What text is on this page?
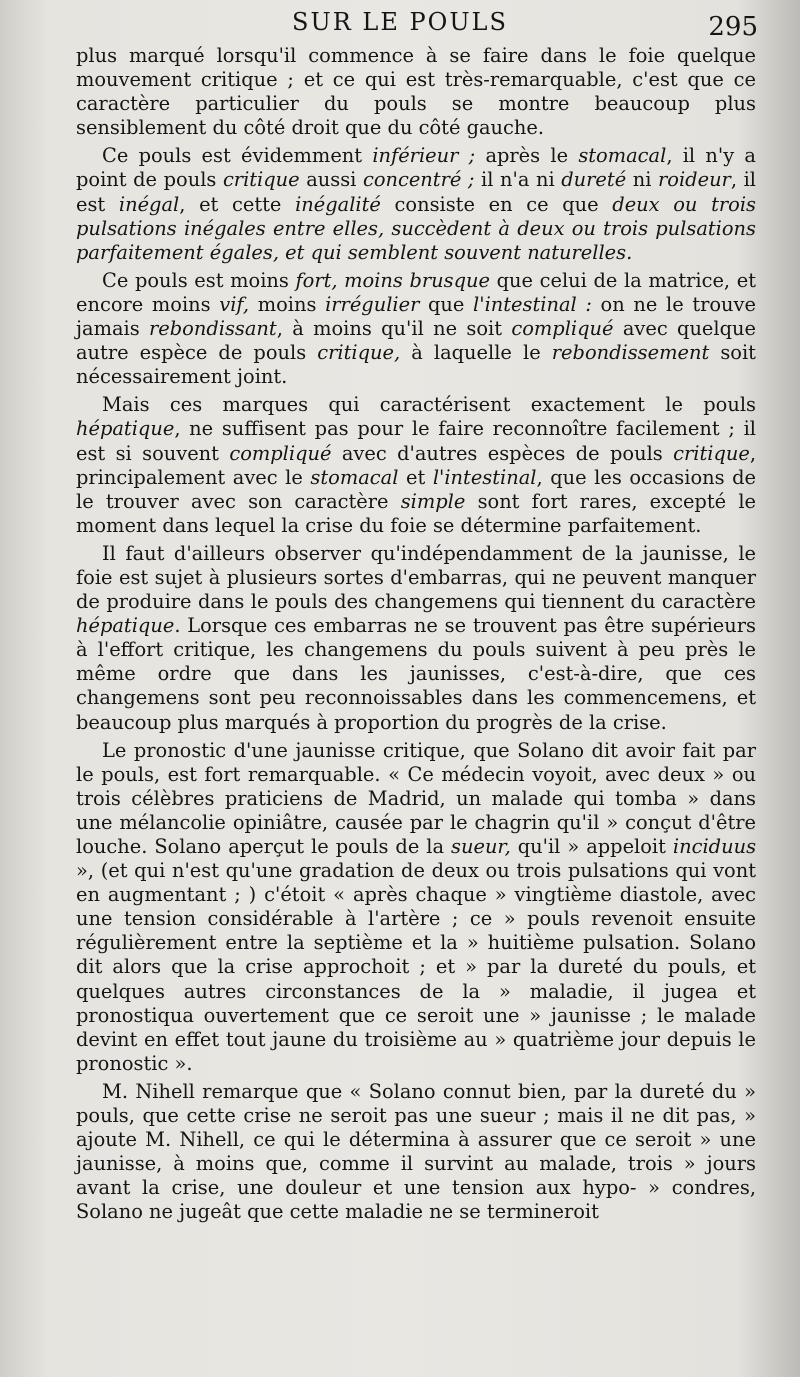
SUR LE POULS	295

plus marqué lorsqu'il commence à se faire dans le foie quelque mouvement critique ; et ce qui est très-remarquable, c'est que ce caractère particulier du pouls se montre beaucoup plus sensiblement du côté droit que du côté gauche.

Ce pouls est évidemment inférieur ; après le stomacal, il n'y a point de pouls critique aussi concentré ; il n'a ni dureté ni roideur, il est inégal, et cette inégalité consiste en ce que deux ou trois pulsations inégales entre elles, succèdent à deux ou trois pulsations parfaitement égales, et qui semblent souvent naturelles.

Ce pouls est moins fort, moins brusque que celui de la matrice, et encore moins vif, moins irrégulier que l'intestinal : on ne le trouve jamais rebondissant, à moins qu'il ne soit compliqué avec quelque autre espèce de pouls critique, à laquelle le rebondissement soit nécessairement joint.

Mais ces marques qui caractérisent exactement le pouls hépatique, ne suffisent pas pour le faire reconnoître facilement ; il est si souvent compliqué avec d'autres espèces de pouls critique, principalement avec le stomacal et l'intestinal, que les occasions de le trouver avec son caractère simple sont fort rares, excepté le moment dans lequel la crise du foie se détermine parfaitement.

Il faut d'ailleurs observer qu'indépendamment de la jaunisse, le foie est sujet à plusieurs sortes d'embarras, qui ne peuvent manquer de produire dans le pouls des changemens qui tiennent du caractère hépatique. Lorsque ces embarras ne se trouvent pas être supérieurs à l'effort critique, les changemens du pouls suivent à peu près le même ordre que dans les jaunisses, c'est-à-dire, que ces changemens sont peu reconnoissables dans les commencemens, et beaucoup plus marqués à proportion du progrès de la crise.

Le pronostic d'une jaunisse critique, que Solano dit avoir fait par le pouls, est fort remarquable. « Ce médecin voyoit, avec deux » ou trois célèbres praticiens de Madrid, un malade qui tomba » dans une mélancolie opiniâtre, causée par le chagrin qu'il » conçut d'être louche. Solano aperçut le pouls de la sueur, qu'il » appeloit inciduus », (et qui n'est qu'une gradation de deux ou trois pulsations qui vont en augmentant ; ) c'étoit « après chaque » vingtième diastole, avec une tension considérable à l'artère ; ce » pouls revenoit ensuite régulièrement entre la septième et la » huitième pulsation. Solano dit alors que la crise approchoit ; et » par la dureté du pouls, et quelques autres circonstances de la » maladie, il jugea et pronostiqua ouvertement que ce seroit une » jaunisse ; le malade devint en effet tout jaune du troisième au » quatrième jour depuis le pronostic ».

M. Nihell remarque que « Solano connut bien, par la dureté du » pouls, que cette crise ne seroit pas une sueur ; mais il ne dit pas, » ajoute M. Nihell, ce qui le détermina à assurer que ce seroit » une jaunisse, à moins que, comme il survint au malade, trois » jours avant la crise, une douleur et une tension aux hypo- » condres, Solano ne jugeât que cette maladie ne se termineroit
